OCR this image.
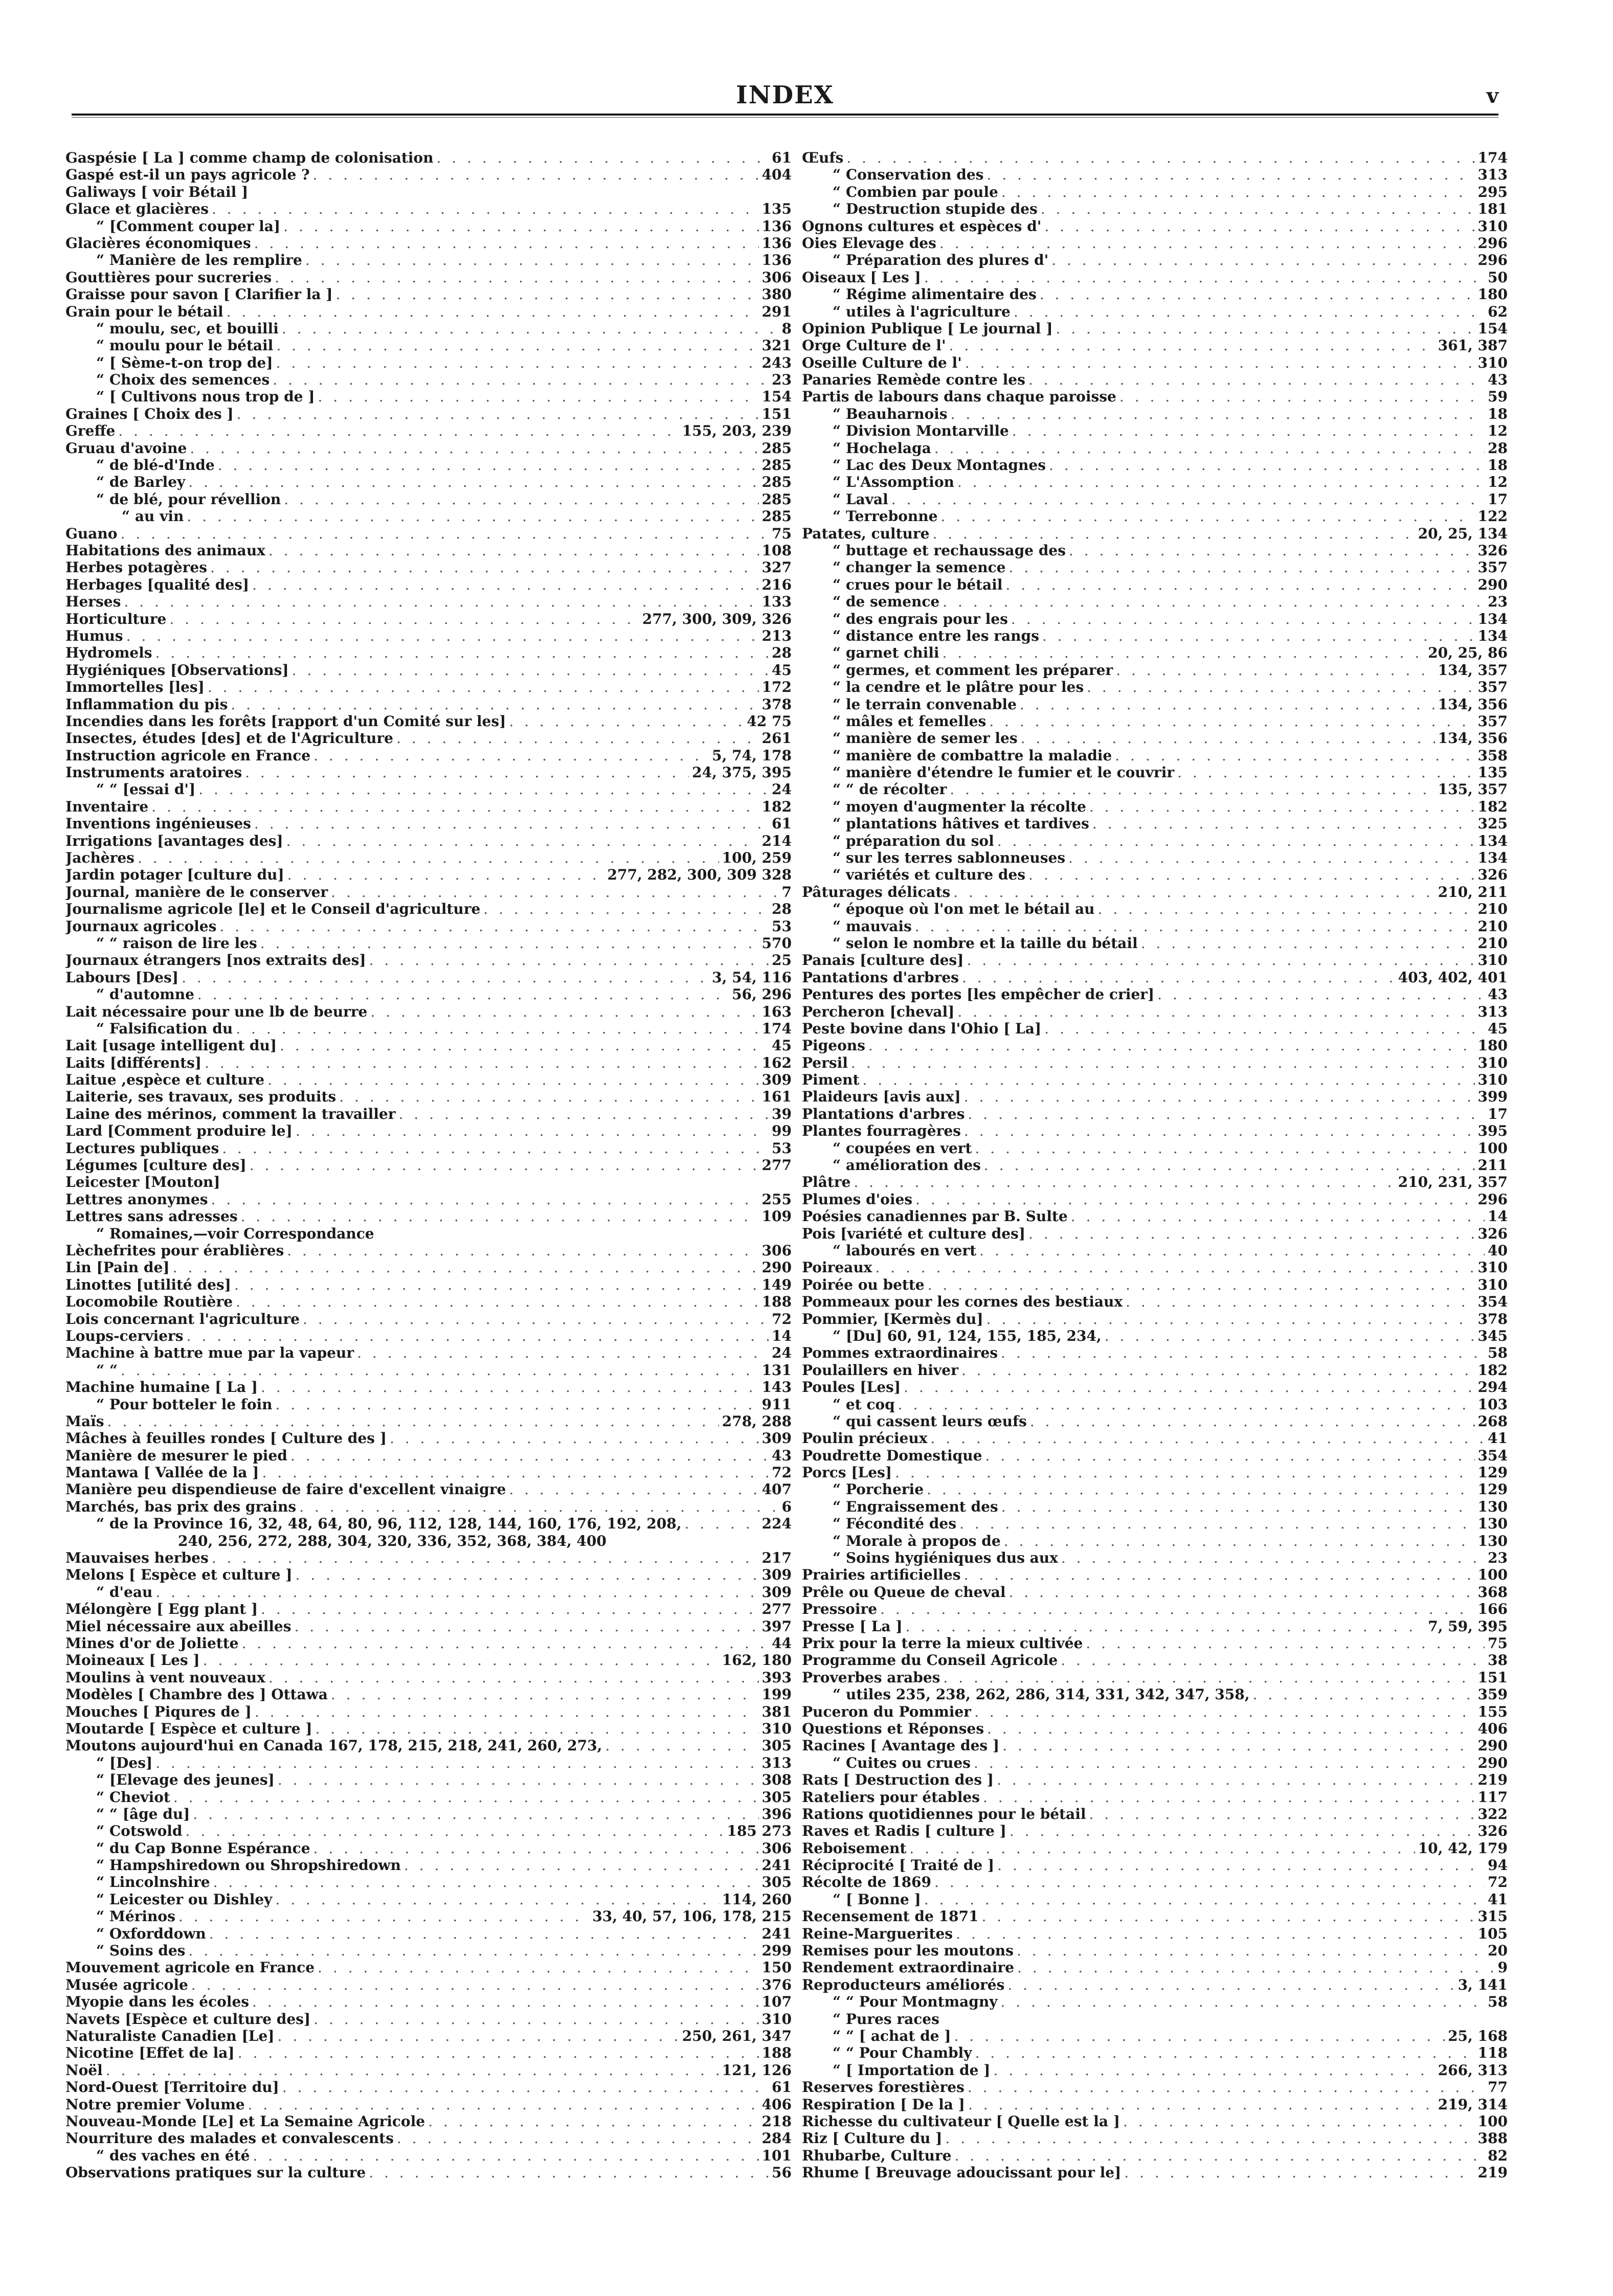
INDEX	v
Gaspésie [ La ] comme champ de colonisation . . .	61
Gaspé est-il un pays agricole ? . . .	404
Galiways [ voir Bétail ]
Glace et glacières . . .	135
“ [Comment couper la] . . .	136
Glacières économiques . . .	136
“ Manière de les remplire . . .	136
Gouttières pour sucreries . . .	306
Graisse pour savon [ Clarifier la ] . . .	380
Grain pour le bétail . . .	291
“ moulu, sec, et bouilli . . .	8
“ moulu pour le bétail . . .	321
“ [ Sème-t-on trop de] . . .	243
“ Choix des semences . . .	23
“ [ Cultivons nous trop de ] . . .	154
Graines [ Choix des ] . . .	151
Greffe . . .	155, 203, 239
Gruau d'avoine . . .	285
“ de blé-d'Inde . . .	285
“ de Barley . . .	285
“ de blé, pour révellion . . .	285
“ au vin . . .	285
Guano . . .	75
Habitations des animaux . . .	108
Herbes potagères . . .	327
Herbages [qualité des] . . .	216
Herses . . .	133
Horticulture . . .	277, 300, 309, 326
Humus . . .	213
Hydromels . . .	28
Hygiéniques [Observations] . . .	45
Immortelles [les] . . .	172
Inflammation du pis . . .	378
Incendies dans les forêts [rapport d'un Comité sur les] . . .	42 75
Insectes, études [des] et de l'Agriculture . . .	261
Instruction agricole en France . . .	5, 74, 178
Instruments aratoires . . .	24, 375, 395
“ “ [essai d'] . . .	24
Inventaire . . .	182
Inventions ingénieuses . . .	61
Irrigations [avantages des] . . .	214
Jachères . . .	100, 259
Jardin potager [culture du] . . .	277, 282, 300, 309 328
Journal, manière de le conserver . . .	7
Journalisme agricole [le] et le Conseil d'agriculture . . .	28
Journaux agricoles . . .	53
“ “ raison de lire les . . .	570
Journaux étrangers [nos extraits des] . . .	25
Labours [Des] . . .	3, 54, 116
“ d'automne . . .	56, 296
Lait nécessaire pour une lb de beurre . . .	163
“ Falsification du . . .	174
Lait [usage intelligent du] . . .	45
Laits [différents] . . .	162
Laitue ,espèce et culture . . .	309
Laiterie, ses travaux, ses produits . . .	161
Laine des mérinos, comment la travailler . . .	39
Lard [Comment produire le] . . .	99
Lectures publiques . . .	53
Légumes [culture des] . . .	277
Leicester [Mouton]
Lettres anonymes . . .	255
Lettres sans adresses . . .	109
“ Romaines,—voir Correspondance
Lèchefrites pour érablières . . .	306
Lin [Pain de] . . .	290
Linottes [utilité des] . . .	149
Locomobile Routière . . .	188
Lois concernant l'agriculture . . .	72
Loups-cerviers . . .	14
Machine à battre mue par la vapeur . . .	24
“ “ . . .	131
Machine humaine [ La ] . . .	143
“ Pour botteler le foin . . .	911
Maïs . . .	278, 288
Mâches à feuilles rondes [ Culture des ] . . .	309
Manière de mesurer le pied . . .	43
Mantawa [ Vallée de la ] . . .	72
Manière peu dispendieuse de faire d'excellent vinaigre . . .	407
Marchés, bas prix des grains . . .	6
“ de la Province 16, 32, 48, 64, 80, 96, 112, 128, 144, 160, 176, 192, 208, . . .	224
240, 256, 272, 288, 304, 320, 336, 352, 368, 384, 400
Mauvaises herbes . . .	217
Melons [ Espèce et culture ] . . .	309
“ d'eau . . .	309
Mélongère [ Egg plant ] . . .	277
Miel nécessaire aux abeilles . . .	397
Mines d'or de Joliette . . .	44
Moineaux [ Les ] . . .	162, 180
Moulins à vent nouveaux . . .	393
Modèles [ Chambre des ] Ottawa . . .	199
Mouches [ Piqures de ] . . .	381
Moutarde [ Espèce et culture ] . . .	310
Moutons aujourd'hui en Canada 167, 178, 215, 218, 241, 260, 273, . . .	305
“ [Des] . . .	313
“ [Elevage des jeunes] . . .	308
“ Cheviot . . .	305
“ “ [âge du] . . .	396
“ Cotswold . . .	185 273
“ du Cap Bonne Espérance . . .	306
“ Hampshiredown ou Shropshiredown . . .	241
“ Lincolnshire . . .	305
“ Leicester ou Dishley . . .	114, 260
“ Mérinos . . .	33, 40, 57, 106, 178, 215
“ Oxforddown . . .	241
“ Soins des . . .	299
Mouvement agricole en France . . .	150
Musée agricole . . .	376
Myopie dans les écoles . . .	107
Navets [Espèce et culture des] . . .	310
Naturaliste Canadien [Le] . . .	250, 261, 347
Nicotine [Effet de la] . . .	188
Noël . . .	121, 126
Nord-Ouest [Territoire du] . . .	61
Notre premier Volume . . .	406
Nouveau-Monde [Le] et La Semaine Agricole . . .	218
Nourriture des malades et convalescents . . .	284
“ des vaches en été . . .	101
Observations pratiques sur la culture . . .	56
Œufs . . .	174
“ Conservation des . . .	313
“ Combien par poule . . .	295
“ Destruction stupide des . . .	181
Ognons cultures et espèces d' . . .	310
Oies Elevage des . . .	296
“ Préparation des plures d' . . .	296
Oiseaux [ Les ] . . .	50
“ Régime alimentaire des . . .	180
“ utiles à l'agriculture . . .	62
Opinion Publique [ Le journal ] . . .	154
Orge Culture de l' . . .	361, 387
Oseille Culture de l' . . .	310
Panaries Remède contre les . . .	43
Partis de labours dans chaque paroisse . . .	59
“ Beauharnois . . .	18
“ Division Montarville . . .	12
“ Hochelaga . . .	28
“ Lac des Deux Montagnes . . .	18
“ L'Assomption . . .	12
“ Laval . . .	17
“ Terrebonne . . .	122
Patates, culture . . .	20, 25, 134
“ buttage et rechaussage des . . .	326
“ changer la semence . . .	357
“ crues pour le bétail . . .	290
“ de semence . . .	23
“ des engrais pour les . . .	134
“ distance entre les rangs . . .	134
“ garnet chili . . .	20, 25, 86
“ germes, et comment les préparer . . .	134, 357
“ la cendre et le plâtre pour les . . .	357
“ le terrain convenable . . .	134, 356
“ mâles et femelles . . .	357
“ manière de semer les . . .	134, 356
“ manière de combattre la maladie . . .	358
“ manière d'étendre le fumier et le couvrir . . .	135
“ “ de récolter . . .	135, 357
“ moyen d'augmenter la récolte . . .	182
“ plantations hâtives et tardives . . .	325
“ préparation du sol . . .	134
“ sur les terres sablonneuses . . .	134
“ variétés et culture des . . .	326
Pâturages délicats . . .	210, 211
“ époque où l'on met le bétail au . . .	210
“ mauvais . . .	210
“ selon le nombre et la taille du bétail . . .	210
Panais [culture des] . . .	310
Pantations d'arbres . . .	403, 402, 401
Pentures des portes [les empêcher de crier] . . .	43
Percheron [cheval] . . .	313
Peste bovine dans l'Ohio [ La] . . .	45
Pigeons . . .	180
Persil . . .	310
Piment . . .	310
Plaideurs [avis aux] . . .	399
Plantations d'arbres . . .	17
Plantes fourragères . . .	395
“ coupées en vert . . .	100
“ amélioration des . . .	211
Plâtre . . .	210, 231, 357
Plumes d'oies . . .	296
Poésies canadiennes par B. Sulte . . .	14
Pois [variété et culture des] . . .	326
“ labourés en vert . . .	40
Poireaux . . .	310
Poirée ou bette . . .	310
Pommeaux pour les cornes des bestiaux . . .	354
Pommier, [Kermès du] . . .	378
“ [Du] 60, 91, 124, 155, 185, 234, . . .	345
Pommes extraordinaires . . .	58
Poulaillers en hiver . . .	182
Poules [Les] . . .	294
“ et coq . . .	103
“ qui cassent leurs œufs . . .	268
Poulin précieux . . .	41
Poudrette Domestique . . .	354
Porcs [Les] . . .	129
“ Porcherie . . .	129
“ Engraissement des . . .	130
“ Fécondité des . . .	130
“ Morale à propos de . . .	130
“ Soins hygiéniques dus aux . . .	23
Prairies artificielles . . .	100
Prêle ou Queue de cheval . . .	368
Pressoire . . .	166
Presse [ La ] . . .	7, 59, 395
Prix pour la terre la mieux cultivée . . .	75
Programme du Conseil Agricole . . .	38
Proverbes arabes . . .	151
“ utiles 235, 238, 262, 286, 314, 331, 342, 347, 358, . . .	359
Puceron du Pommier . . .	155
Questions et Réponses . . .	406
Racines [ Avantage des ] . . .	290
“ Cuites ou crues . . .	290
Rats [ Destruction des ] . . .	219
Rateliers pour étables . . .	117
Rations quotidiennes pour le bétail . . .	322
Raves et Radis [ culture ] . . .	326
Reboisement . . .	10, 42, 179
Réciprocité [ Traité de ] . . .	94
Récolte de 1869 . . .	72
“ [ Bonne ] . . .	41
Recensement de 1871 . . .	315
Reine-Marguerites . . .	105
Remises pour les moutons . . .	20
Rendement extraordinaire . . .	9
Reproducteurs améliorés . . .	3, 141
“ “ Pour Montmagny . . .	58
“ Pures races
“ “ [ achat de ] . . .	25, 168
“ “ Pour Chambly . . .	118
“ [ Importation de ] . . .	266, 313
Reserves forestières . . .	77
Respiration [ De la ] . . .	219, 314
Richesse du cultivateur [ Quelle est la ] . . .	100
Riz [ Culture du ] . . .	388
Rhubarbe, Culture . . .	82
Rhume [ Breuvage adoucissant pour le] . . .	219
